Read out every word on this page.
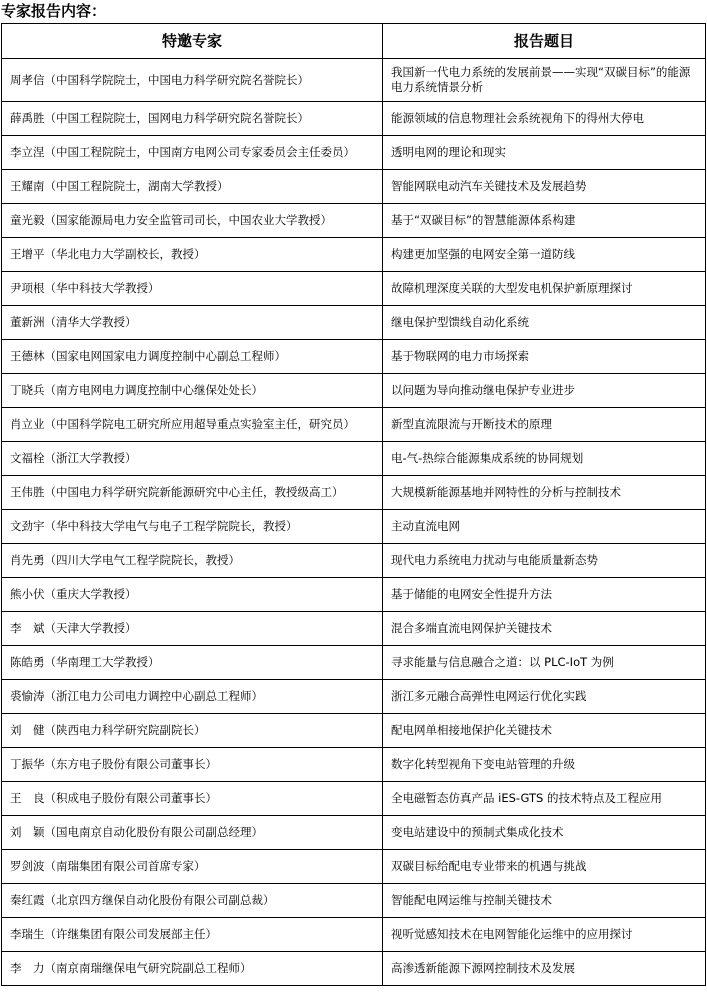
专家报告内容：
特邀专家	报告题目
周孝信（中国科学院院士，中国电力科学研究院名誉院长）	我国新一代电力系统的发展前景——实现“双碳目标”的能源电力系统情景分析
薛禹胜（中国工程院院士，国网电力科学研究院名誉院长）	能源领域的信息物理社会系统视角下的得州大停电
李立涅（中国工程院院士，中国南方电网公司专家委员会主任委员）	透明电网的理论和现实
王耀南（中国工程院院士，湖南大学教授）	智能网联电动汽车关键技术及发展趋势
童光毅（国家能源局电力安全监管司司长，中国农业大学教授）	基于“双碳目标”的智慧能源体系构建
王增平（华北电力大学副校长，教授）	构建更加坚强的电网安全第一道防线
尹项根（华中科技大学教授）	故障机理深度关联的大型发电机保护新原理探讨
董新洲（清华大学教授）	继电保护型馈线自动化系统
王德林（国家电网国家电力调度控制中心副总工程师）	基于物联网的电力市场探索
丁晓兵（南方电网电力调度控制中心继保处处长）	以问题为导向推动继电保护专业进步
肖立业（中国科学院电工研究所应用超导重点实验室主任，研究员）	新型直流限流与开断技术的原理
文福栓（浙江大学教授）	电-气-热综合能源集成系统的协同规划
王伟胜（中国电力科学研究院新能源研究中心主任，教授级高工）	大规模新能源基地并网特性的分析与控制技术
文劲宇（华中科技大学电气与电子工程学院院长，教授）	主动直流电网
肖先勇（四川大学电气工程学院院长，教授）	现代电力系统电力扰动与电能质量新态势
熊小伏（重庆大学教授）	基于储能的电网安全性提升方法
李　斌（天津大学教授）	混合多端直流电网保护关键技术
陈皓勇（华南理工大学教授）	寻求能量与信息融合之道：以 PLC-IoT 为例
裘愉涛（浙江电力公司电力调控中心副总工程师）	浙江多元融合高弹性电网运行优化实践
刘　健（陕西电力科学研究院副院长）	配电网单相接地保护化关键技术
丁振华（东方电子股份有限公司董事长）	数字化转型视角下变电站管理的升级
王　良（积成电子股份有限公司董事长）	全电磁暂态仿真产品 iES-GTS 的技术特点及工程应用
刘　颖（国电南京自动化股份有限公司副总经理）	变电站建设中的预制式集成化技术
罗剑波（南瑞集团有限公司首席专家）	双碳目标给配电专业带来的机遇与挑战
秦红霞（北京四方继保自动化股份有限公司副总裁）	智能配电网运维与控制关键技术
李瑞生（许继集团有限公司发展部主任）	视听觉感知技术在电网智能化运维中的应用探讨
李　力（南京南瑞继保电气研究院副总工程师）	高渗透新能源下源网控制技术及发展
